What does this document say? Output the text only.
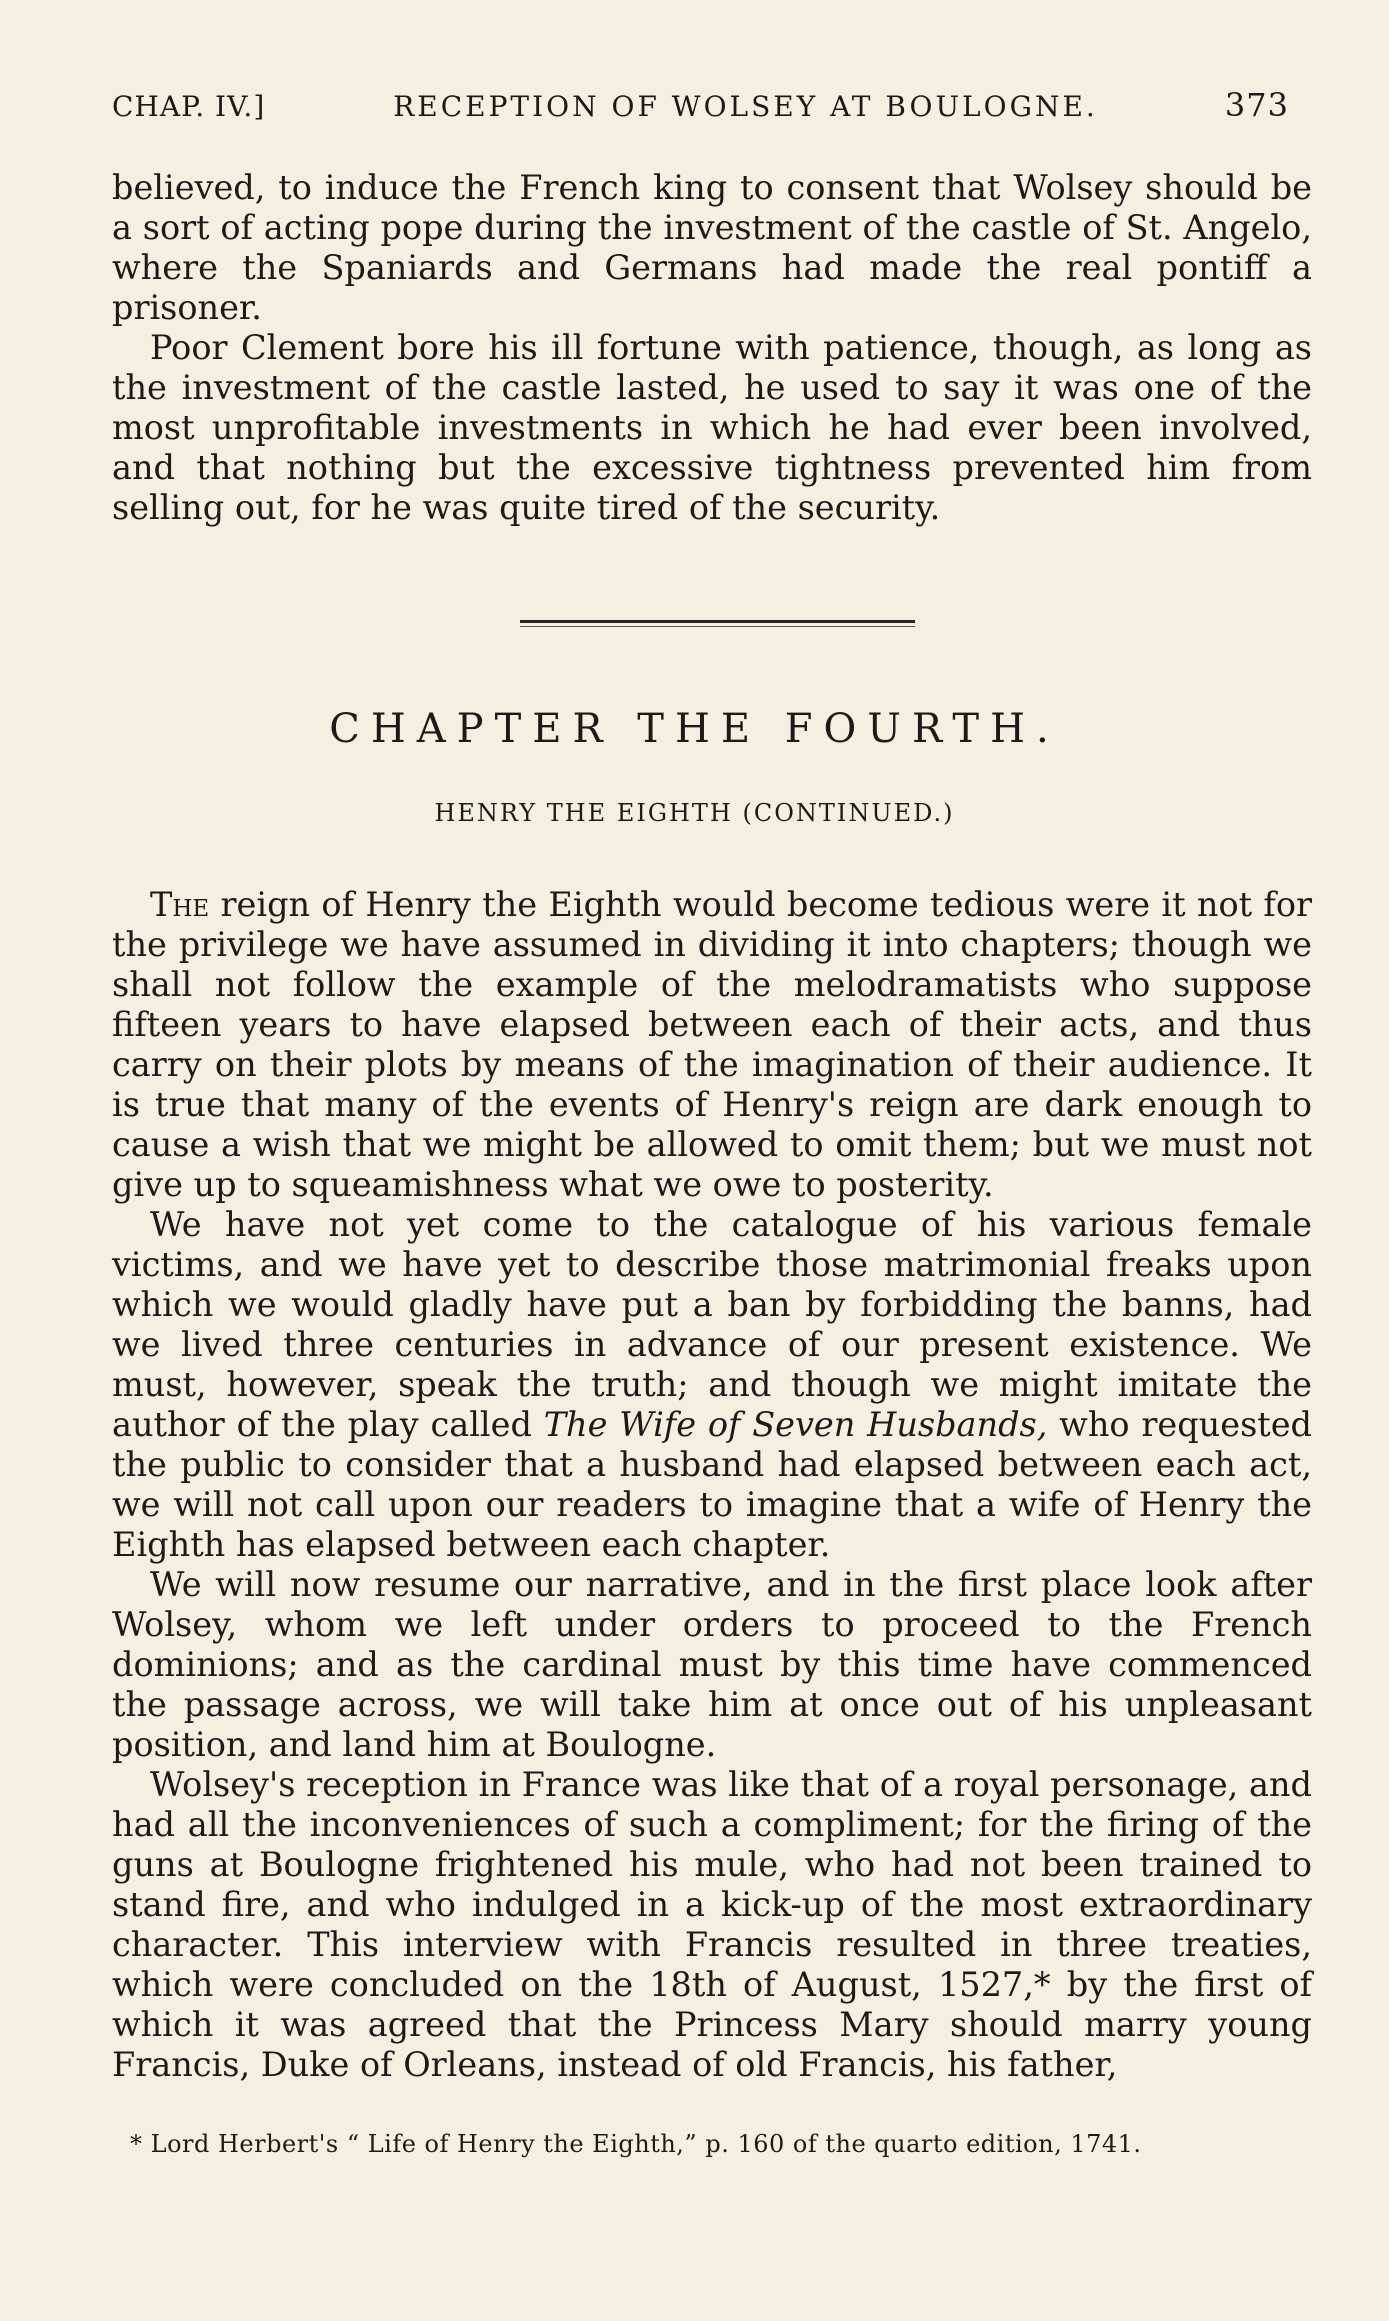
CHAP. IV.]	RECEPTION OF WOLSEY AT BOULOGNE.	373

believed, to induce the French king to consent that Wolsey should be a sort of acting pope during the investment of the castle of St. Angelo, where the Spaniards and Germans had made the real pontiff a prisoner.

Poor Clement bore his ill fortune with patience, though, as long as the investment of the castle lasted, he used to say it was one of the most unprofitable investments in which he had ever been involved, and that nothing but the excessive tightness prevented him from selling out, for he was quite tired of the security.

CHAPTER THE FOURTH.
HENRY THE EIGHTH (CONTINUED.)

The reign of Henry the Eighth would become tedious were it not for the privilege we have assumed in dividing it into chapters; though we shall not follow the example of the melodramatists who suppose fifteen years to have elapsed between each of their acts, and thus carry on their plots by means of the imagination of their audience. It is true that many of the events of Henry's reign are dark enough to cause a wish that we might be allowed to omit them; but we must not give up to squeamishness what we owe to posterity.

We have not yet come to the catalogue of his various female victims, and we have yet to describe those matrimonial freaks upon which we would gladly have put a ban by forbidding the banns, had we lived three centuries in advance of our present existence. We must, however, speak the truth; and though we might imitate the author of the play called The Wife of Seven Husbands, who requested the public to consider that a husband had elapsed between each act, we will not call upon our readers to imagine that a wife of Henry the Eighth has elapsed between each chapter.

We will now resume our narrative, and in the first place look after Wolsey, whom we left under orders to proceed to the French dominions; and as the cardinal must by this time have commenced the passage across, we will take him at once out of his unpleasant position, and land him at Boulogne.

Wolsey's reception in France was like that of a royal personage, and had all the inconveniences of such a compliment; for the firing of the guns at Boulogne frightened his mule, who had not been trained to stand fire, and who indulged in a kick-up of the most extraordinary character. This interview with Francis resulted in three treaties, which were concluded on the 18th of August, 1527,* by the first of which it was agreed that the Princess Mary should marry young Francis, Duke of Orleans, instead of old Francis, his father,

* Lord Herbert's “ Life of Henry the Eighth,” p. 160 of the quarto edition, 1741.
